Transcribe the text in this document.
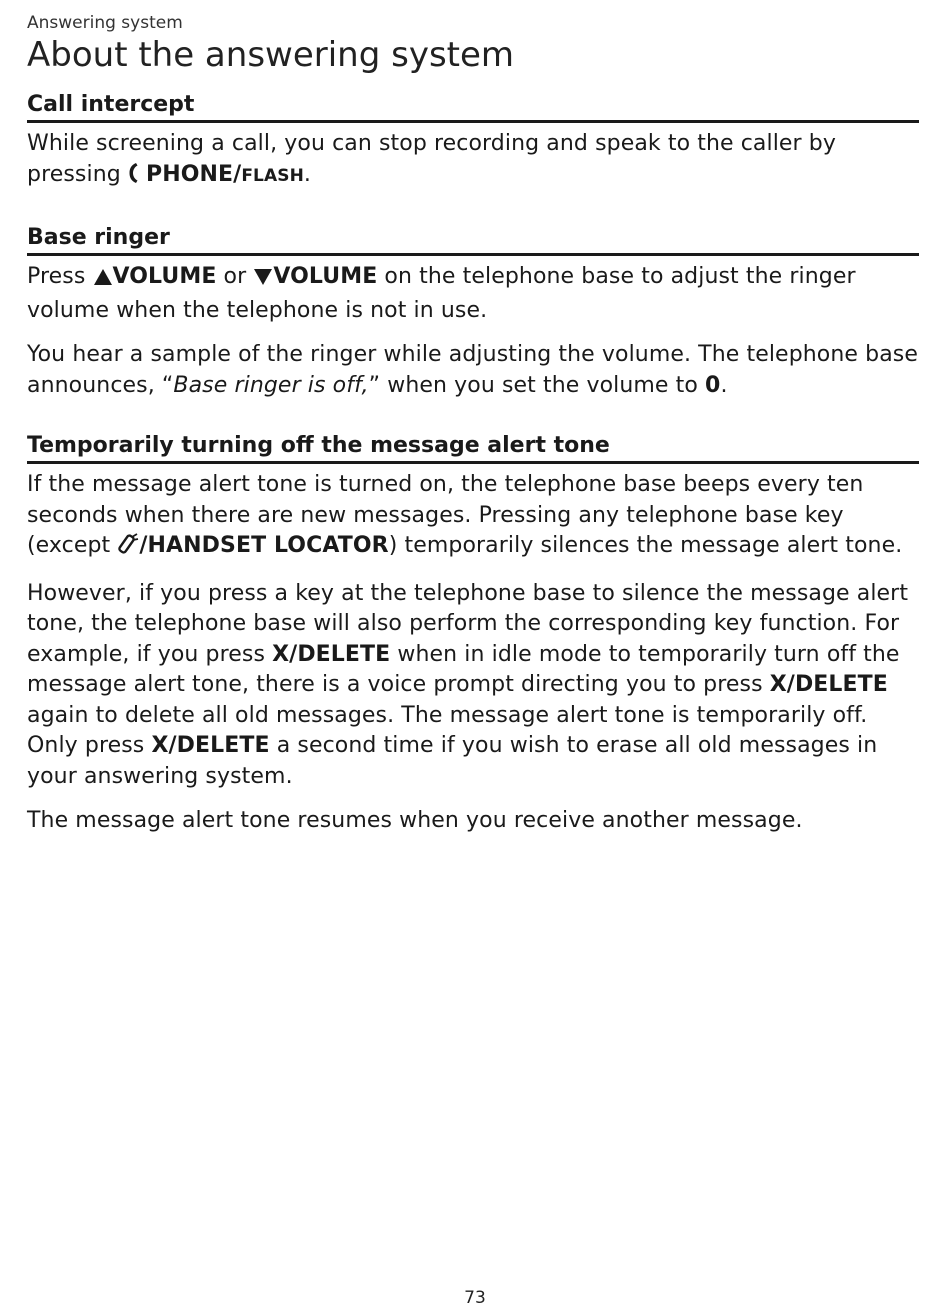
Answering system

About the answering system
Call intercept

While screening a call, you can stop recording and speak to the caller by pressing  PHONE/FLASH.

Base ringer

Press VOLUME or VOLUME on the telephone base to adjust the ringer volume when the telephone is not in use.

You hear a sample of the ringer while adjusting the volume. The telephone base announces, “Base ringer is off,” when you set the volume to 0.

Temporarily turning off the message alert tone

If the message alert tone is turned on, the telephone base beeps every ten seconds when there are new messages. Pressing any telephone base key (except /HANDSET LOCATOR) temporarily silences the message alert tone.

However, if you press a key at the telephone base to silence the message alert tone, the telephone base will also perform the corresponding key function. For example, if you press X/DELETE when in idle mode to temporarily turn off the message alert tone, there is a voice prompt directing you to press X/DELETE again to delete all old messages. The message alert tone is temporarily off. Only press X/DELETE a second time if you wish to erase all old messages in your answering system.

The message alert tone resumes when you receive another message.

73
